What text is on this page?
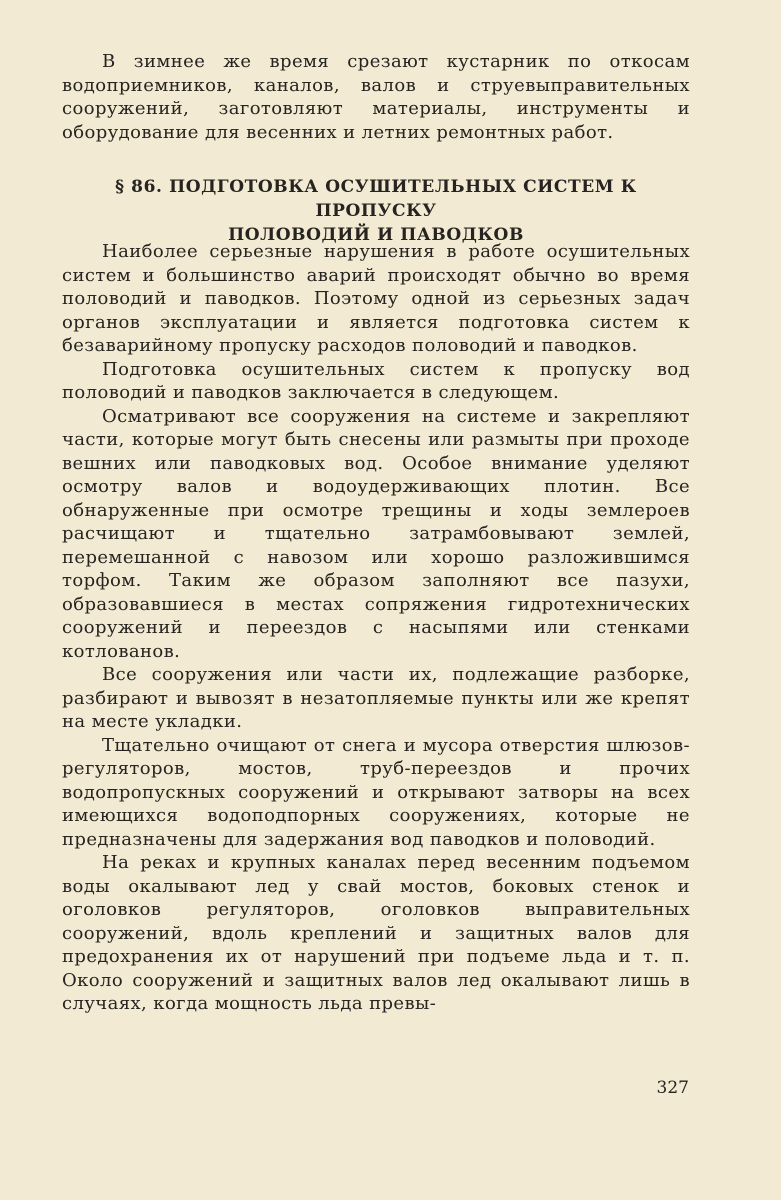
В зимнее же время срезают кустарник по откосам водоприемников, каналов, валов и струевыправительных сооружений, заготовляют материалы, инструменты и оборудование для весенних и летних ремонтных работ.

§ 86. ПОДГОТОВКА ОСУШИТЕЛЬНЫХ СИСТЕМ К ПРОПУСКУ
ПОЛОВОДИЙ И ПАВОДКОВ

Наиболее серьезные нарушения в работе осушительных систем и большинство аварий происходят обычно во время половодий и паводков. Поэтому одной из серьезных задач органов эксплуатации и является подготовка систем к безаварийному пропуску расходов половодий и паводков.

Подготовка осушительных систем к пропуску вод половодий и паводков заключается в следующем.

Осматривают все сооружения на системе и закрепляют части, которые могут быть снесены или размыты при проходе вешних или паводковых вод. Особое внимание уделяют осмотру валов и водоудерживающих плотин. Все обнаруженные при осмотре трещины и ходы землероев расчищают и тщательно затрамбовывают землей, перемешанной с навозом или хорошо разложившимся торфом. Таким же образом заполняют все пазухи, образовавшиеся в местах сопряжения гидротехнических сооружений и переездов с насыпями или стенками котлованов.

Все сооружения или части их, подлежащие разборке, разбирают и вывозят в незатопляемые пункты или же крепят на месте укладки.

Тщательно очищают от снега и мусора отверстия шлюзов-регуляторов, мостов, труб-переездов и прочих водопропускных сооружений и открывают затворы на всех имеющихся водоподпорных сооружениях, которые не предназначены для задержания вод паводков и половодий.

На реках и крупных каналах перед весенним подъемом воды окалывают лед у свай мостов, боковых стенок и оголовков регуляторов, оголовков выправительных сооружений, вдоль креплений и защитных валов для предохранения их от нарушений при подъеме льда и т. п. Около сооружений и защитных валов лед окалывают лишь в случаях, когда мощность льда превы-

327
